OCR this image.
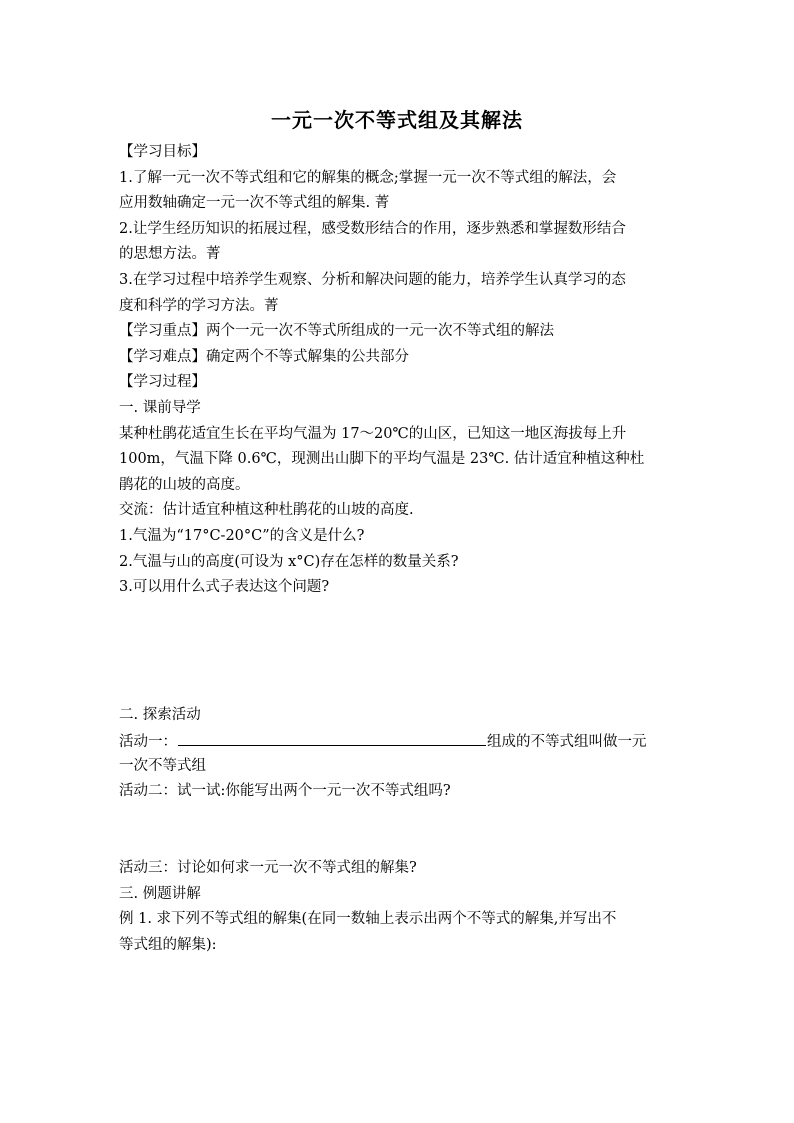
一元一次不等式组及其解法
【学习目标】
1.了解一元一次不等式组和它的解集的概念;掌握一元一次不等式组的解法，会
应用数轴确定一元一次不等式组的解集. 菁
2.让学生经历知识的拓展过程，感受数形结合的作用，逐步熟悉和掌握数形结合
的思想方法。菁
3.在学习过程中培养学生观察、分析和解决问题的能力，培养学生认真学习的态
度和科学的学习方法。菁
【学习重点】两个一元一次不等式所组成的一元一次不等式组的解法
【学习难点】确定两个不等式解集的公共部分
【学习过程】
一. 课前导学
某种杜鹃花适宜生长在平均气温为 17～20℃的山区，已知这一地区海拔每上升
100m，气温下降 0.6℃，现测出山脚下的平均气温是 23℃. 估计适宜种植这种杜
鹃花的山坡的高度。
交流：估计适宜种植这种杜鹃花的山坡的高度.
1.气温为“17°C-20°C”的含义是什么?
2.气温与山的高度(可设为 x°C)存在怎样的数量关系?
3.可以用什么式子表达这个问题?
二. 探索活动
活动一：	组成的不等式组叫做一元
一次不等式组
活动二：试一试:你能写出两个一元一次不等式组吗?
活动三：讨论如何求一元一次不等式组的解集?
三. 例题讲解
例 1. 求下列不等式组的解集(在同一数轴上表示出两个不等式的解集,并写出不
等式组的解集):
